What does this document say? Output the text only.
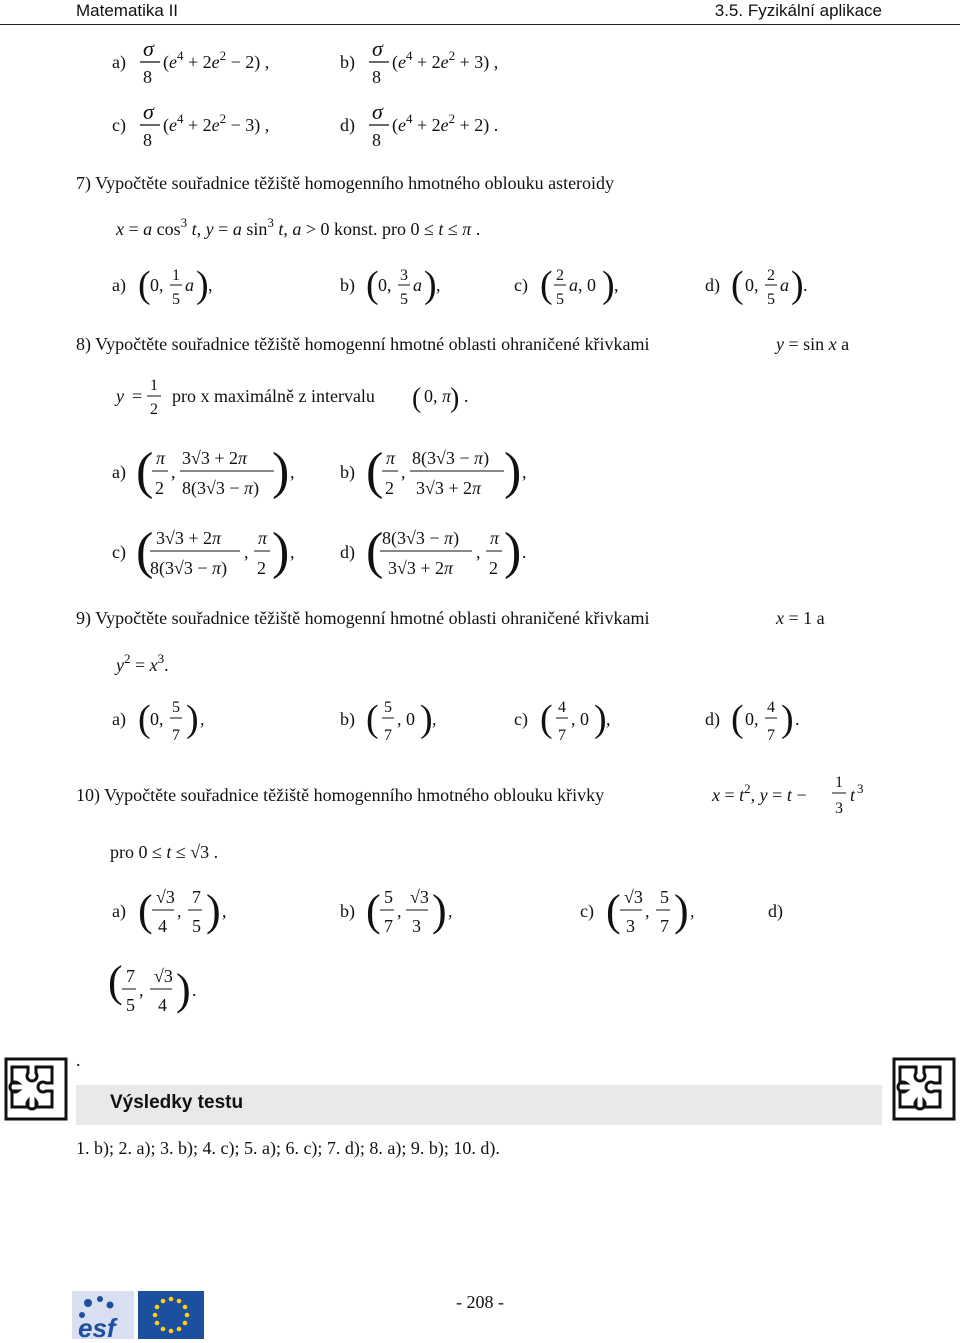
Matematika II	3.5. Fyzikální aplikace
a)
σ
8
$(e^4 + 2e^2 - 2)$ ,	b)
σ
8
$(e^4 + 2e^2 + 3)$ ,
c)
σ
8
$(e^4 + 2e^2 - 3)$ ,	d)
σ
8
$(e^4 + 2e^2 + 2)$ .
7) Vypočtěte souřadnice těžiště homogenního hmotného oblouku asteroidy
x = a $\cos^3 t$, y = a $\sin^3 t$, a > 0 konst. pro 0 ≤ t ≤ π .
a) ( 0, 1
5
a ) ,	b) ( 0, 3
5
a ) ,	c) ( 2
5
a, 0 ) ,	d) ( 0, 2
5
a ) .
8) Vypočtěte souřadnice těžiště homogenní hmotné oblasti ohraničené křivkami	y = sin x a
y =
1
2
pro x maximálně z intervalu ( 0, π
) .
a) ( π
2
,
3√3 + 2π
8(3√3 − π) ) ,	b) ( π
2
,
8(3√3 − π)
3√3 + 2π ) ,
c) ( 3√3 + 2π
8(3√3 − π)
,
π
2 ) ,	d) (
8(3√3 − π)
3√3 + 2π
,
π
2 ) .
9) Vypočtěte souřadnice těžiště homogenní hmotné oblasti ohraničené křivkami	x = 1 a
$y^2 = x^3$.
a) ( 0,
5
7 ) ,	b) ( 5
7
, 0 ) ,	c) ( 4
7
, 0 ) ,	d) ( 0,
4
7 ) .
10) Vypočtěte souřadnice těžiště homogenního hmotného oblouku křivky	$x = t^2$, y = t −
1
3
t 3
pro 0 ≤ t ≤ √3 .
a) ( √3
4
,
7
5 ) ,	b) ( 5
7
,
√3
3 ) ,	c) ( √3
3
,
5
7 ) ,	d)
( 7
5
,
√3
4 ) .
.
Výsledky testu
1. b); 2. a); 3. b); 4. c); 5. a); 6. c); 7. d); 8. a); 9. b); 10. d).
esf
- 208 -
